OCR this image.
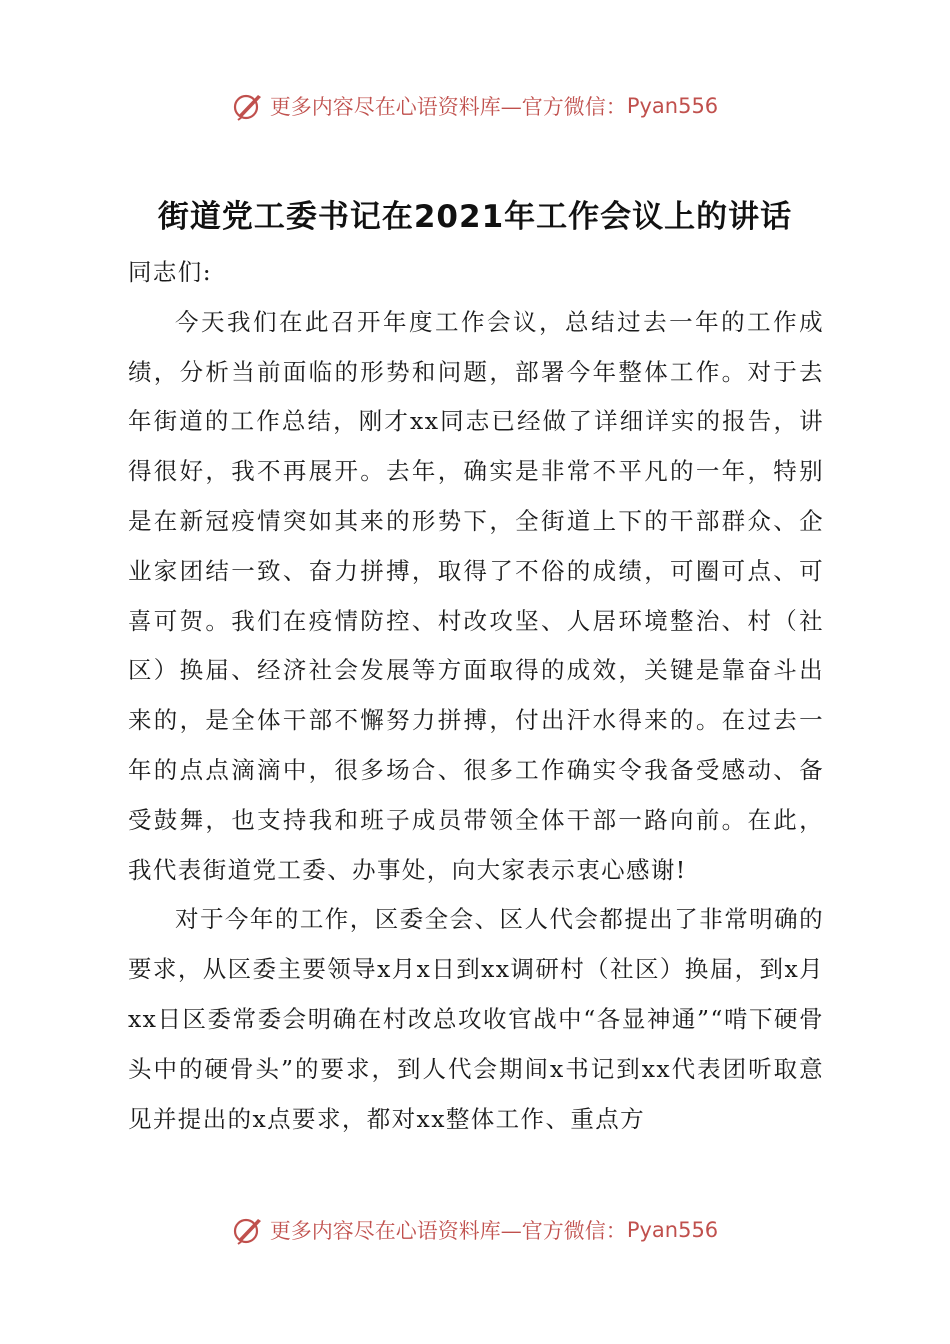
更多内容尽在心语资料库—官方微信： Pyan556
街道党工委书记在2021年工作会议上的讲话

同志们:

今天我们在此召开年度工作会议，总结过去一年的工作成绩，分析当前面临的形势和问题，部署今年整体工作。对于去年街道的工作总结，刚才xx同志已经做了详细详实的报告，讲得很好，我不再展开。去年，确实是非常不平凡的一年，特别是在新冠疫情突如其来的形势下，全街道上下的干部群众、企业家团结一致、奋力拼搏，取得了不俗的成绩，可圈可点、可喜可贺。我们在疫情防控、村改攻坚、人居环境整治、村（社区）换届、经济社会发展等方面取得的成效，关键是靠奋斗出来的，是全体干部不懈努力拼搏，付出汗水得来的。在过去一年的点点滴滴中，很多场合、很多工作确实令我备受感动、备受鼓舞，也支持我和班子成员带领全体干部一路向前。在此，我代表街道党工委、办事处，向大家表示衷心感谢!

对于今年的工作，区委全会、区人代会都提出了非常明确的要求，从区委主要领导x月x日到xx调研村（社区）换届，到x月xx日区委常委会明确在村改总攻收官战中“各显神通”“啃下硬骨头中的硬骨头”的要求，到人代会期间x书记到xx代表团听取意见并提出的x点要求，都对xx整体工作、重点方

更多内容尽在心语资料库—官方微信： Pyan556
